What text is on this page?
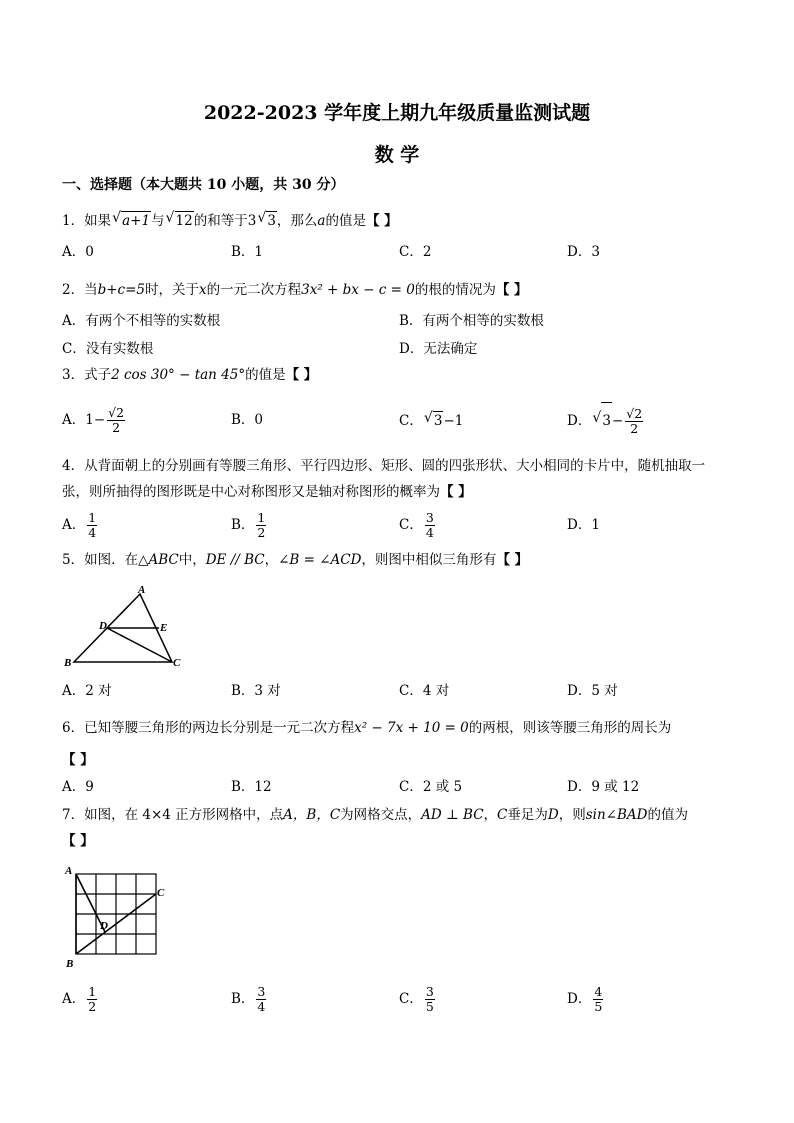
2022-2023 学年度上期九年级质量监测试题
数 学
一、选择题（本大题共 10 小题，共 30 分）
1．如果 √ a+1与 √ 12的和等于3 √ 3，那么a的值是【 】
A．0	B．1	C．2	D．3
2．当b+c=5时，关于x的一元二次方程3x² + bx − c = 0的根的情况为【 】
A．有两个不相等的实数根	B．有两个相等的实数根
C．没有实数根	D．无法确定
3．式子2 cos 30° − tan 45°的值是【 】
A．$1- \frac{√2}{2}$	B．0	C． √ 3−1	D． √ $3- \frac{√2}{2}$
4．从背面朝上的分别画有等腰三角形、平行四边形、矩形、圆的四张形状、大小相同的卡片中，随机抽取一
张，则所抽得的图形既是中心对称图形又是轴对称图形的概率为【 】
A． $\frac{1}{4}$	B． $\frac{1}{2}$	C． $\frac{3}{4}$	D．1
5．如图．在△ABC中，DE // BC，∠B = ∠ACD，则图中相似三角形有【 】
A
B	C
D	E
A．2 对	B．3 对	C．4 对	D．5 对
6．已知等腰三角形的两边长分别是一元二次方程x² − 7x + 10 = 0的两根，则该等腰三角形的周长为
【 】
A．9	B．12	C．2 或 5	D．9 或 12
7．如图，在 4×4 正方形网格中，点A，B，C为网格交点，AD ⊥ BC，C垂足为D，则sin∠BAD的值为
【 】
A
B
C
D
A． $\frac{1}{2}$	B． $\frac{3}{4}$	C． $\frac{3}{5}$	D． $\frac{4}{5}$
